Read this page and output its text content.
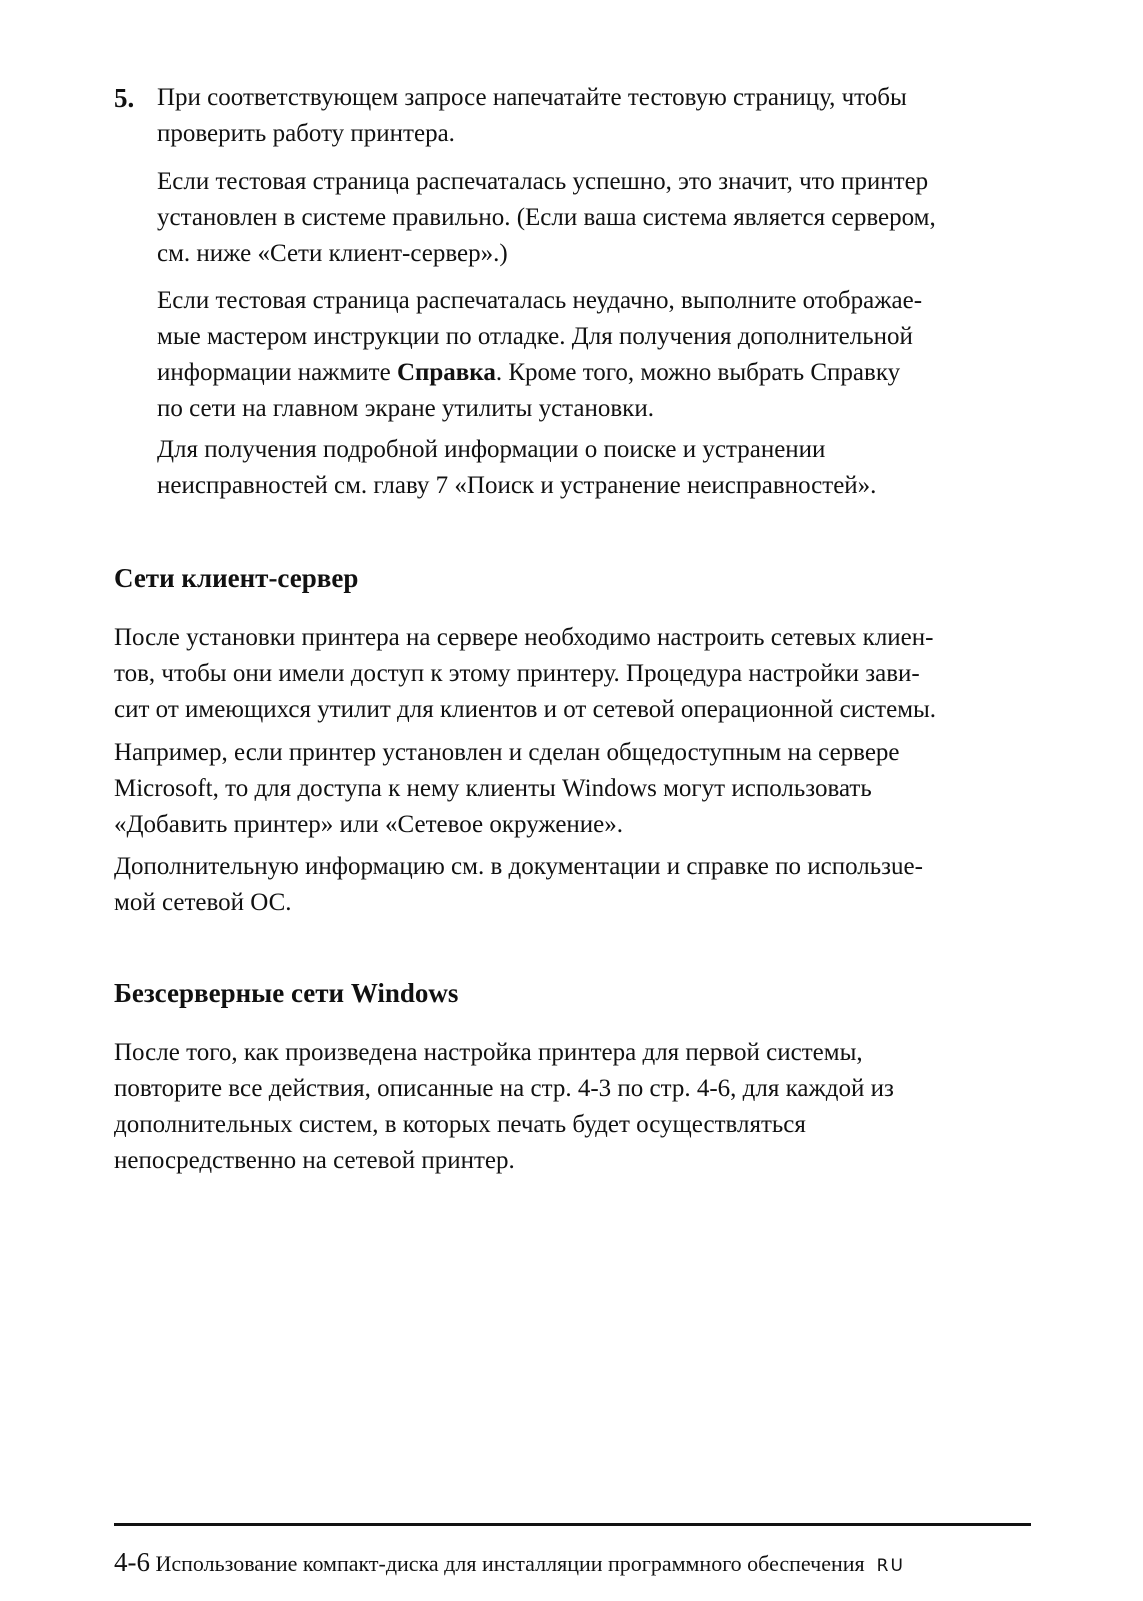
5. При соответствующем запросе напечатайте тестовую страницу, чтобы
проверить работу принтера.

Если тестовая страница распечаталась успешно, это значит, что принтер
установлен в системе правильно. (Если ваша система является сервером,
см. ниже «Сети клиент-сервер».)

Если тестовая страница распечаталась неудачно, выполните отображае-
мые мастером инструкции по отладке. Для получения дополнительной
информации нажмите Справка. Кроме того, можно выбрать Справку
по сети на главном экране утилиты установки.

Для получения подробной информации о поиске и устранении
неисправностей см. главу 7 «Поиск и устранение неисправностей».

Сети клиент-сервер

После установки принтера на сервере необходимо настроить сетевых клиен-
тов, чтобы они имели доступ к этому принтеру. Процедура настройки зави-
сит от имеющихся утилит для клиентов и от сетевой операционной системы.

Например, если принтер установлен и сделан общедоступным на сервере
Microsoft, то для доступа к нему клиенты Windows могут использовать
«Добавить принтер» или «Сетевое окружение».

Дополнительную информацию см. в документации и справке по использue-
мой сетевой ОС.

Безсерверные сети Windows

После того, как произведена настройка принтера для первой системы,
повторите все действия, описанные на стр. 4-3 по стр. 4-6, для каждой из
дополнительных систем, в которых печать будет осуществляться
непосредственно на сетевой принтер.

4-6 Использование компакт-диска для инсталляции программного обеспечения RU
